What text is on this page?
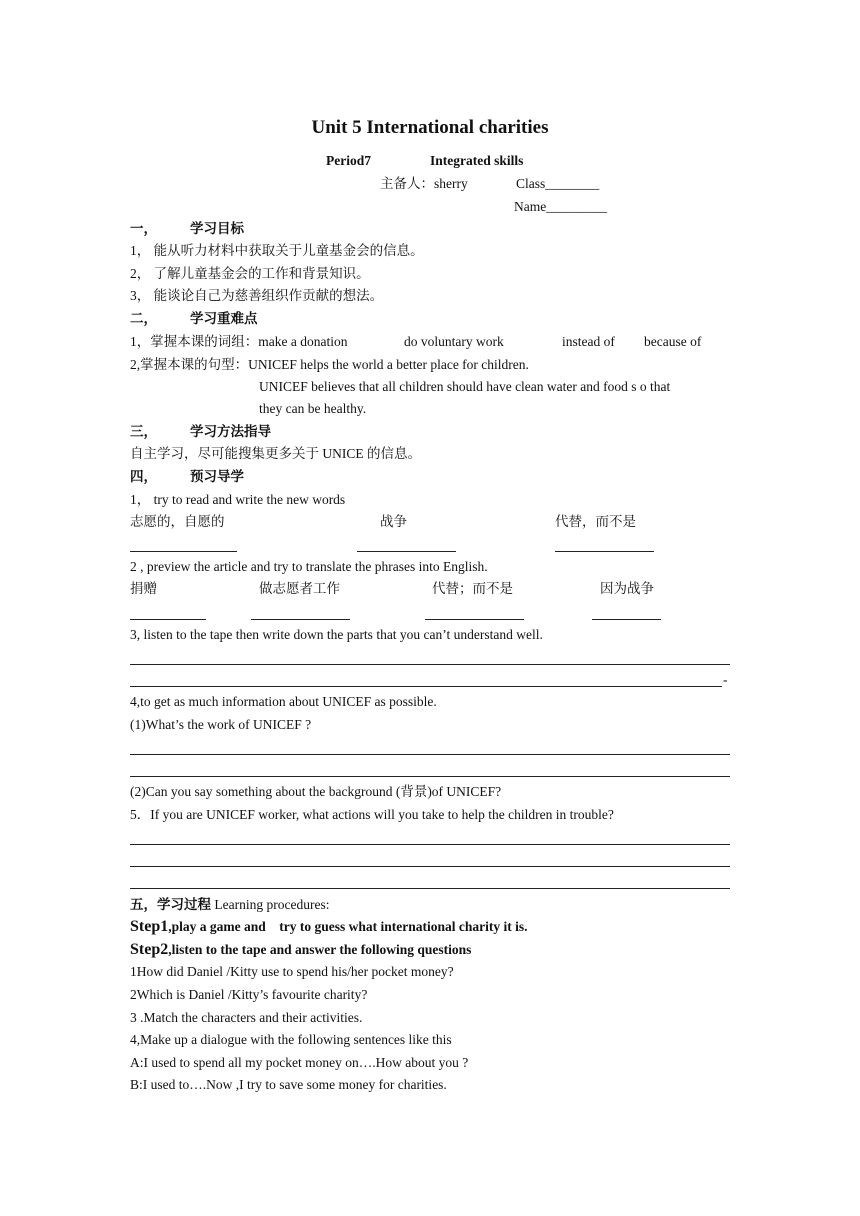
Unit 5 International charities
Period7	Integrated skills
主备人：sherry	Class________
Name_________
一， 学习目标
1， 能从听力材料中获取关于儿童基金会的信息。
2， 了解儿童基金会的工作和背景知识。
3， 能谈论自己为慈善组织作贡献的想法。
二， 学习重难点
1，掌握本课的词组：make a donation	do voluntary work	instead of because of
2,掌握本课的句型：UNICEF helps the world a better place for children.
UNICEF believes that all children should have clean water and food s o that
they can be healthy.
三， 学习方法指导
自主学习，尽可能搜集更多关于 UNICE 的信息。
四， 预习导学
1， try to read and write the new words
志愿的，自愿的	战争	代替，而不是
2 , preview the article and try to translate the phrases into English.
捐赠	做志愿者工作	代替；而不是	因为战争
3, listen to the tape then write down the parts that you can’t understand well.
-
4,to get as much information about UNICEF as possible.
(1)What’s the work of UNICEF ?
(2)Can you say something about the background (背景)of UNICEF?
5．If you are UNICEF worker, what actions will you take to help the children in trouble?
五，学习过程 Learning procedures:
Step1,play a game and    try to guess what international charity it is.
Step2,listen to the tape and answer the following questions
1How did Daniel /Kitty use to spend his/her pocket money?
2Which is Daniel /Kitty’s favourite charity?
3 .Match the characters and their activities.
4,Make up a dialogue with the following sentences like this
A:I used to spend all my pocket money on….How about you ?
B:I used to….Now ,I try to save some money for charities.
